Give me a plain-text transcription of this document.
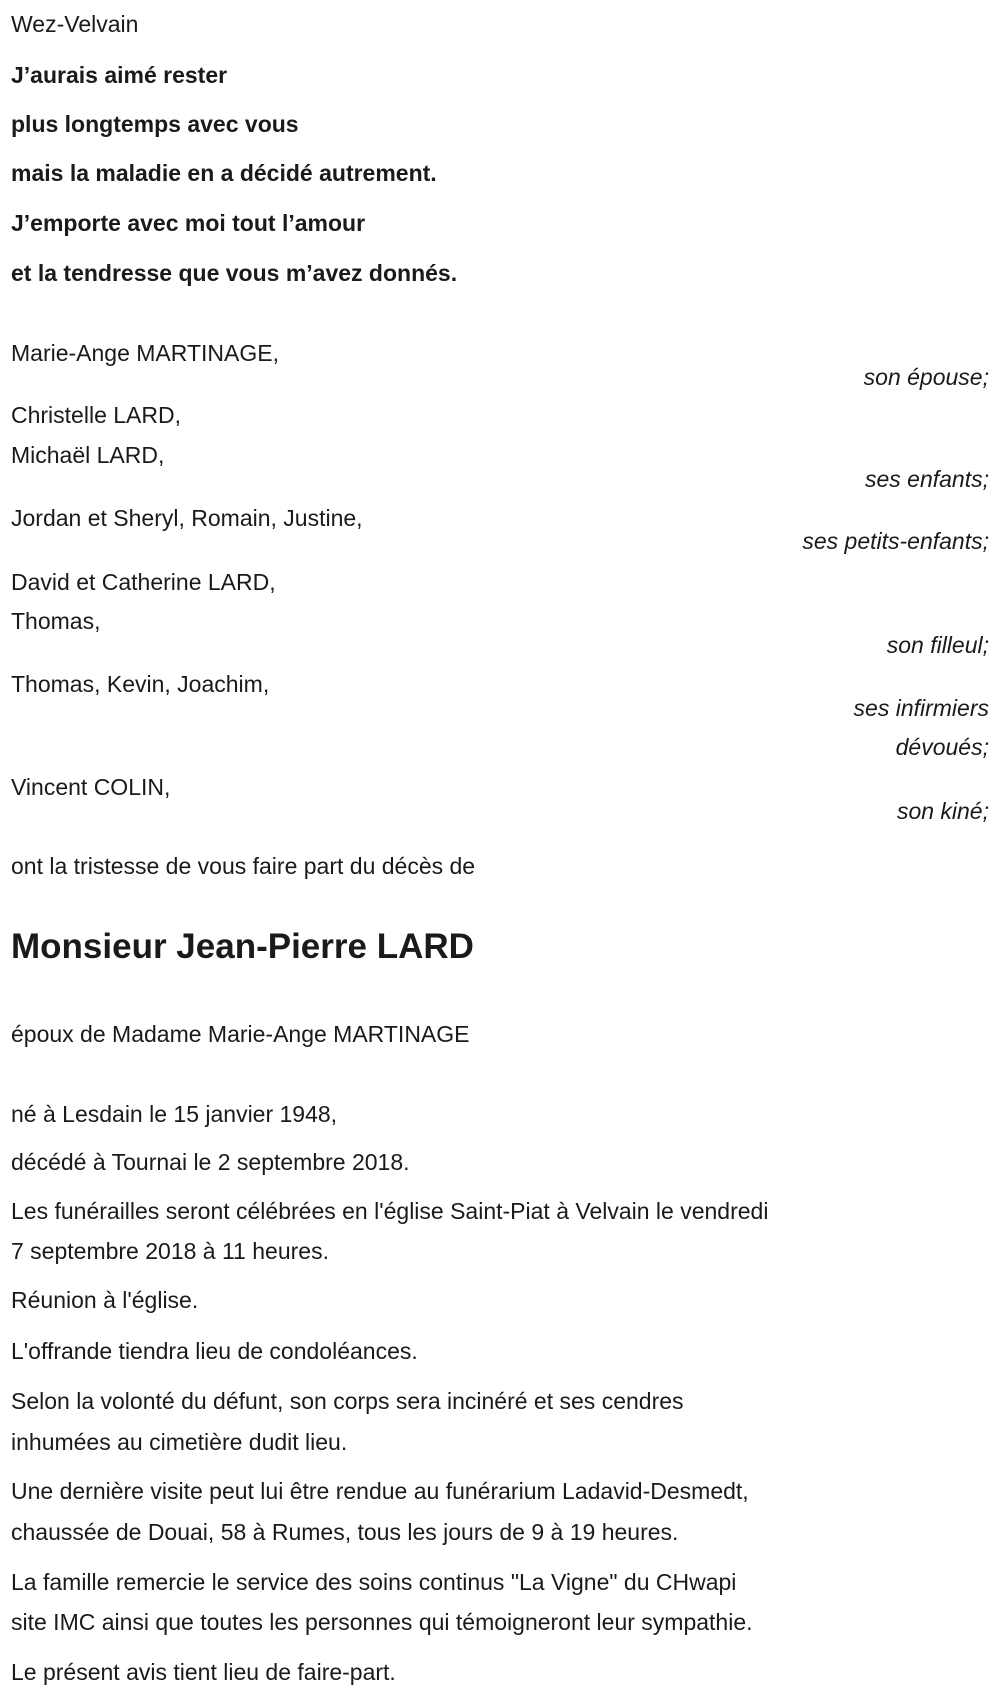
Wez-Velvain
J’aurais aimé rester
plus longtemps avec vous
mais la maladie en a décidé autrement.
J’emporte avec moi tout l’amour
et la tendresse que vous m’avez donnés.
Marie-Ange MARTINAGE,
son épouse;
Christelle LARD,
Michaël LARD,
ses enfants;
Jordan et Sheryl, Romain, Justine,
ses petits-enfants;
David et Catherine LARD,
Thomas,
son filleul;
Thomas, Kevin, Joachim,
ses infirmiers
dévoués;
Vincent COLIN,
son kiné;
ont la tristesse de vous faire part du décès de
Monsieur Jean-Pierre LARD
époux de Madame Marie-Ange MARTINAGE
né à Lesdain le 15 janvier 1948,
décédé à Tournai le 2 septembre 2018.
Les funérailles seront célébrées en l'église Saint-Piat à Velvain le vendredi
7 septembre 2018 à 11 heures.
Réunion à l'église.
L'offrande tiendra lieu de condoléances.
Selon la volonté du défunt, son corps sera inciné​ré et ses cendres
inhumées au cimetière dudit lieu.
Une dernière visite peut lui être rendue au funérarium Ladavid-Desmedt,
chaussée de Douai, 58 à Rumes, tous les jours de 9 à 19 heures.
La famille remercie le service des soins continus "La Vigne" du CHwapi
site IMC ainsi que toutes les personnes qui témoigneront leur sympathie.
Le présent avis tient lieu de faire-part.
